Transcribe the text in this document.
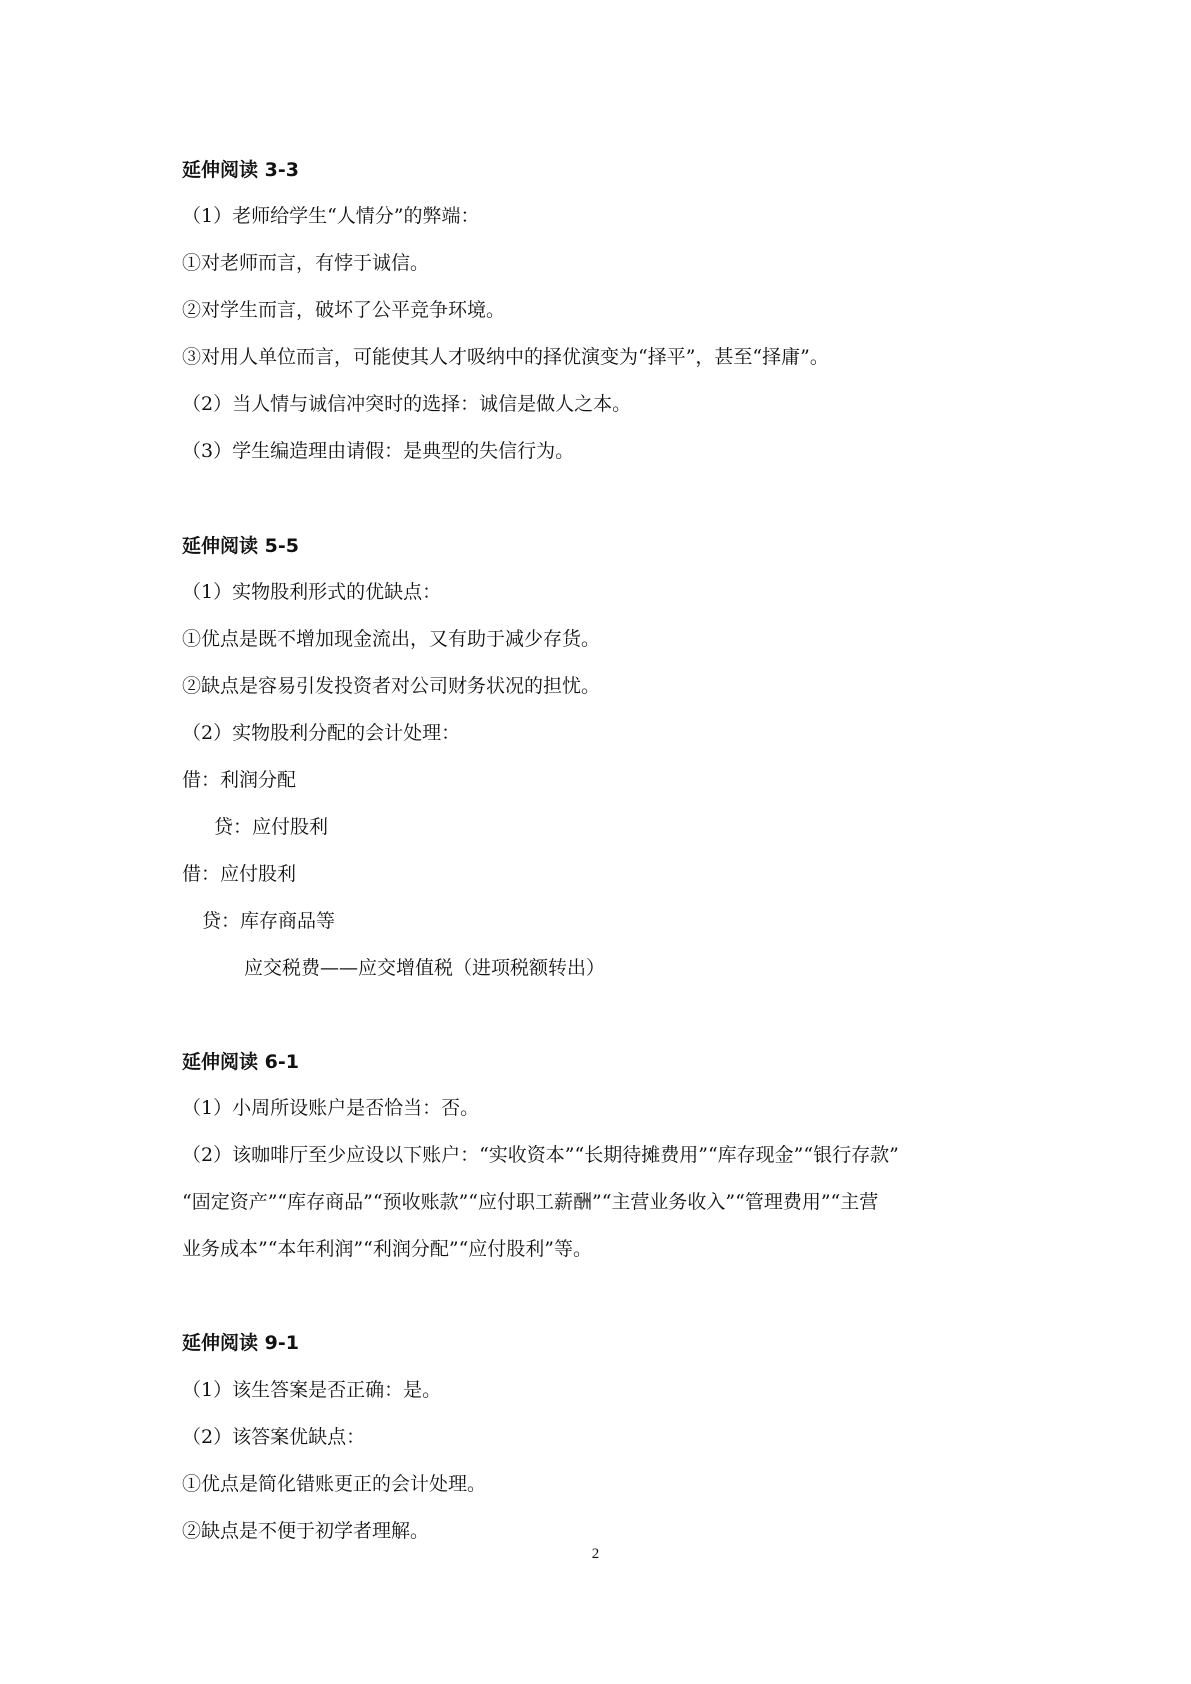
延伸阅读 3-3
（1）老师给学生“人情分”的弊端：
①对老师而言，有悖于诚信。
②对学生而言，破坏了公平竞争环境。
③对用人单位而言，可能使其人才吸纳中的择优演变为“择平”，甚至“择庸”。
（2）当人情与诚信冲突时的选择：诚信是做人之本。
（3）学生编造理由请假：是典型的失信行为。
延伸阅读 5-5
（1）实物股利形式的优缺点：
①优点是既不增加现金流出，又有助于减少存货。
②缺点是容易引发投资者对公司财务状况的担忧。
（2）实物股利分配的会计处理：
借：利润分配
贷：应付股利
借：应付股利
贷：库存商品等
应交税费——应交增值税（进项税额转出）
延伸阅读 6-1
（1）小周所设账户是否恰当：否。
（2）该咖啡厅至少应设以下账户：“实收资本”“长期待摊费用”“库存现金”“银行存款”
“固定资产”“库存商品”“预收账款”“应付职工薪酬”“主营业务收入”“管理费用”“主营
业务成本”“本年利润”“利润分配”“应付股利”等。
延伸阅读 9-1
（1）该生答案是否正确：是。
（2）该答案优缺点：
①优点是简化错账更正的会计处理。
②缺点是不便于初学者理解。
2
